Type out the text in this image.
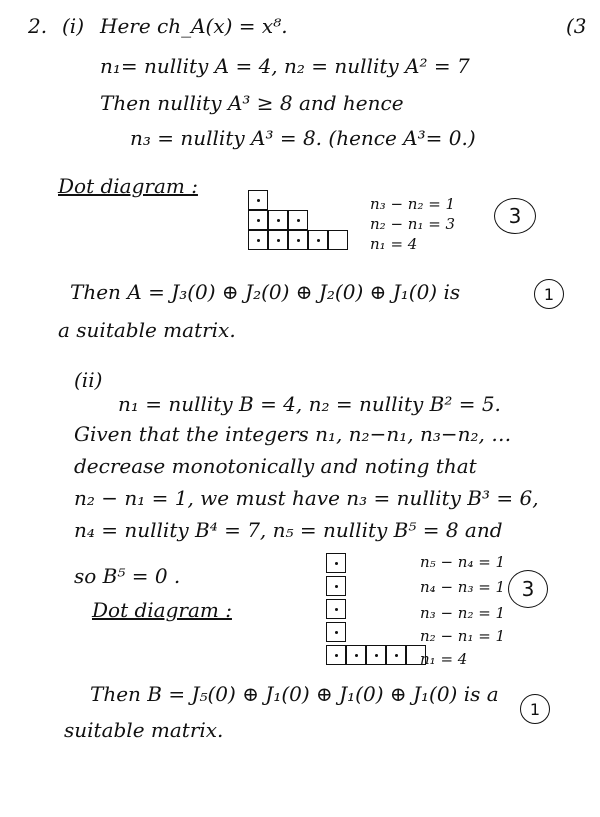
2.	(3
(i) Here ch_A(x) = x⁸.
n₁= nullity A = 4, n₂ = nullity A² = 7
Then nullity A³ ≥ 8 and hence
n₃ = nullity A³ = 8. (hence A³= 0.)
Dot diagram :
n₃ − n₂ = 1
n₂ − n₁ = 3
n₁ = 4
3
Then A = J₃(0) ⊕ J₂(0) ⊕ J₂(0) ⊕ J₁(0) is	1
a suitable matrix.
(ii)
n₁ = nullity B = 4, n₂ = nullity B² = 5.
Given that the integers n₁, n₂−n₁, n₃−n₂, …
decrease monotonically and noting that
n₂ − n₁ = 1, we must have n₃ = nullity B³ = 6,
n₄ = nullity B⁴ = 7, n₅ = nullity B⁵ = 8 and
so B⁵ = 0 .
Dot diagram :
n₅ − n₄ = 1
n₄ − n₃ = 1
n₃ − n₂ = 1
n₂ − n₁ = 1
n₁ = 4
3
Then B = J₅(0) ⊕ J₁(0) ⊕ J₁(0) ⊕ J₁(0) is a
1
suitable matrix.
